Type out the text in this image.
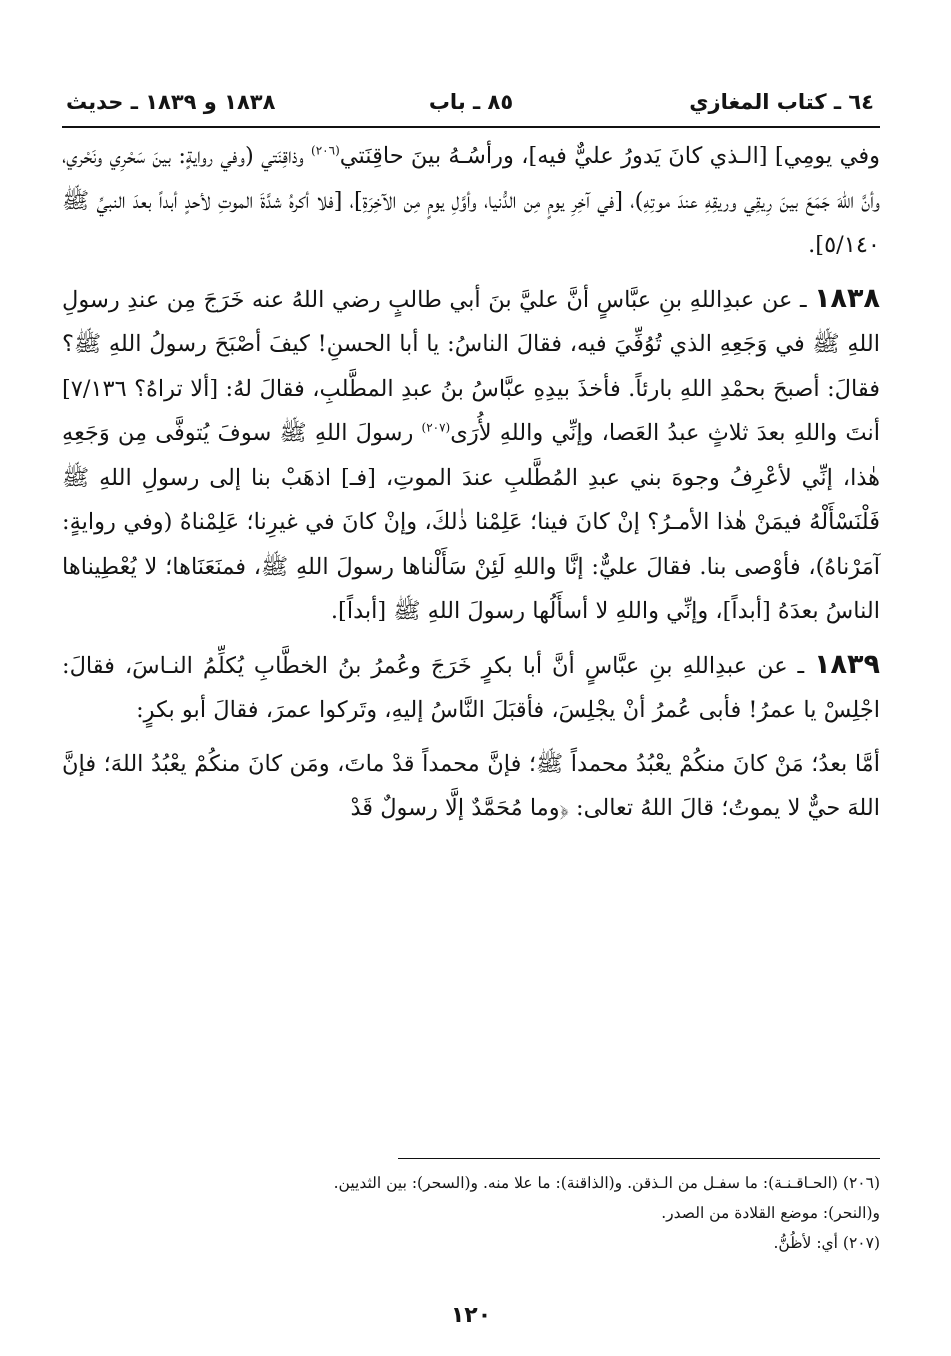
٦٤ ـ كتاب المغازي
٨٥ ـ باب
١٨٣٨ و ١٨٣٩ ـ حديث

وفي يومِي] [الـذي كانَ يَدورُ عليٌّ فيه]، ورأسُـهُ بينَ حاقِنَتي$^{(٢٠٦)}$ وذاقِنَتي (وفي روايةٍ: بينَ سَحْرِي ونَحْري، وأنَّ اللهَ جَمَعَ بينَ رِيقِي وريقِهِ عندَ موتِهِ)، [في آخِرِ يومٍ مِن الدُّنيا، وأوَّلِ يومٍ مِن الآخِرَةِ]، [فلا أكرهُ شدَّةَ الموتِ لأحدٍ أبداً بعدَ النبيِّ ﷺ ٥/١٤٠].

١٨٣٨ ـ عن عبدِاللهِ بنِ عبَّاسٍ أنَّ عليَّ بنَ أبي طالبٍ رضي اللهُ عنه خَرَجَ مِن عندِ رسولِ اللهِ ﷺ في وَجَعِهِ الذي تُوُفِّيَ فيه، فقالَ الناسُ: يا أبا الحسنِ! كيفَ أصْبَحَ رسولُ اللهِ ﷺ؟ فقالَ: أصبحَ بحمْدِ اللهِ بارئاً. فأخذَ بيدِهِ عبَّاسُ بنُ عبدِ المطَّلبِ، فقالَ لهُ: [ألا تراهُ؟ ٧/١٣٦] أنتَ واللهِ بعدَ ثلاثٍ عبدُ العَصا، وإنِّي واللهِ لأُرَى$^{(٢٠٧)}$ رسولَ اللهِ ﷺ سوفَ يُتوفَّى مِن وَجَعِهِ هٰذا، إنِّي لأعْرِفُ وجوهَ بني عبدِ المُطَّلبِ عندَ الموتِ، [فـ] اذهَبْ بنا إلى رسولِ اللهِ ﷺ فَلْنَسْأَلْهُ فيمَنْ هٰذا الأمـرُ؟ إنْ كانَ فينا؛ عَلِمْنا ذٰلكَ، وإنْ كانَ في غيرِنا؛ عَلِمْناهُ (وفي روايةٍ: آمَرْناهُ)، فأوْصى بنا. فقالَ عليٌّ: إنَّا واللهِ لَئِنْ سَأَلْناها رسولَ اللهِ ﷺ، فمنَعَنَاها؛ لا يُعْطِيناها الناسُ بعدَهُ [أبداً]، وإنِّي واللهِ لا أسأَلُها رسولَ اللهِ ﷺ [أبداً].

١٨٣٩ ـ عن عبدِاللهِ بنِ عبَّاسٍ أنَّ أبا بكرٍ خَرَجَ وعُمرُ بنُ الخطَّابِ يُكلِّمُ النـاسَ، فقالَ: اجْلِسْ يا عمرُ! فأبى عُمرُ أنْ يجْلِسَ، فأقبَلَ النَّاسُ إليهِ، وتَركوا عمرَ، فقالَ أبو بكرٍ:

أمَّا بعدُ؛ مَنْ كانَ منكُمْ يعْبُدُ محمداً ﷺ؛ فإنَّ محمداً قدْ ماتَ، ومَن كانَ منكُمْ يعْبُدُ اللهَ؛ فإنَّ اللهَ حيٌّ لا يموتُ؛ قالَ اللهُ تعالى: ﴿وما مُحَمَّدٌ إلَّا رسولٌ قَدْ

(٢٠٦) (الحـاقـنـة): ما سفـل من الـذقن. و(الذاقنة): ما علا منه. و(السحر): بين الثديين.

و(النحر): موضع القلادة من الصدر.

(٢٠٧) أي: لأظُنُّ.

١٢٠
